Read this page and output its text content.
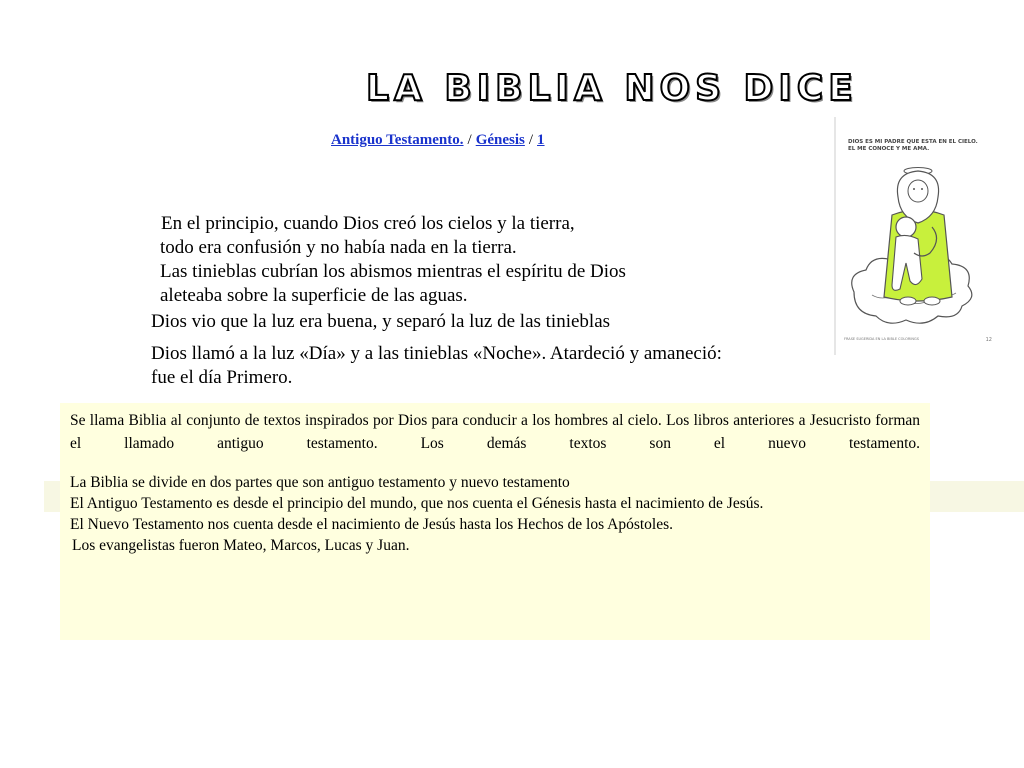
LA BIBLIA NOS DICE
Antiguo Testamento. / Génesis / 1
En el principio, cuando Dios creó los cielos y la tierra,
todo era confusión y no había nada en la tierra.
Las tinieblas cubrían los abismos mientras el espíritu de Dios
aleteaba sobre la superficie de las aguas.
Dios vio que la luz era buena, y separó la luz de las tinieblas
Dios llamó a la luz «Día» y a las tinieblas «Noche». Atardeció y amaneció:
fue el día Primero.
DIOS ES MI PADRE QUE ESTA EN EL CIELO. EL ME CONOCE Y ME AMA.
FRASE SUGERIDA EN LA BIBLE COLORINGS	12

Se llama Biblia al conjunto de textos inspirados por Dios para conducir a los hombres al cielo. Los libros anteriores a Jesucristo forman el llamado antiguo testamento. Los demás textos son el nuevo testamento.

La Biblia se divide en dos partes que son antiguo testamento y nuevo testamento
El Antiguo Testamento es desde el principio del mundo, que nos cuenta el Génesis hasta el nacimiento de Jesús.
El Nuevo Testamento nos cuenta desde el nacimiento de Jesús hasta los Hechos de los Apóstoles.
Los evangelistas fueron Mateo, Marcos, Lucas y Juan.
